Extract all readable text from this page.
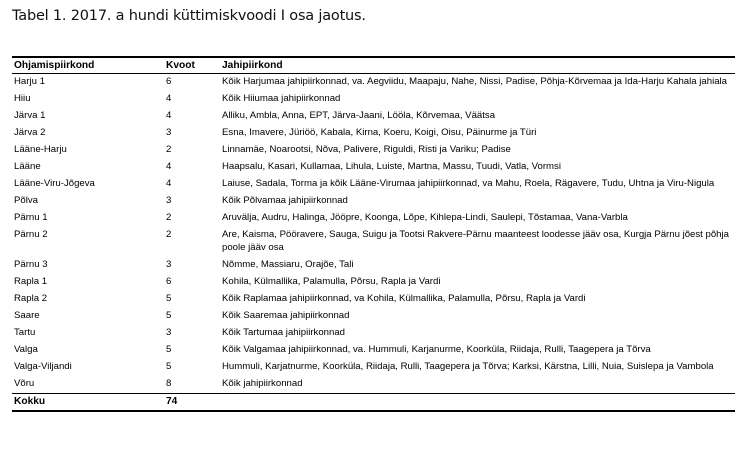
Tabel 1. 2017. a hundi küttimiskvoodi I osa jaotus.
Ohjamispiirkond	Kvoot	Jahipiirkond
Harju 1	6	Kõik Harjumaa jahipiirkonnad, va. Aegviidu, Maapaju, Nahe, Nissi, Padise, Põhja-Kõrvemaa ja Ida-Harju Kahala jahiala
Hiiu	4	Kõik Hiiumaa jahipiirkonnad
Järva 1	4	Alliku, Ambla, Anna, EPT, Järva-Jaani, Lööla, Kõrvemaa, Väätsa
Järva 2	3	Esna, Imavere, Jüriöö, Kabala, Kirna, Koeru, Koigi, Oisu, Päinurme ja Türi
Lääne-Harju	2	Linnamäe, Noarootsi, Nõva, Palivere, Riguldi, Risti ja Variku; Padise
Lääne	4	Haapsalu, Kasari, Kullamaa, Lihula, Luiste, Martna, Massu, Tuudi, Vatla, Vormsi
Lääne-Viru-Jõgeva	4	Laiuse, Sadala, Torma ja kõik Lääne-Virumaa jahipiirkonnad, va Mahu, Roela, Rägavere, Tudu, Uhtna ja Viru-Nigula
Põlva	3	Kõik Põlvamaa jahipiirkonnad
Pärnu 1	2	Aruvälja, Audru, Halinga, Jööpre, Koonga, Lõpe, Kihlepa-Lindi, Saulepi, Tõstamaa, Vana-Varbla
Pärnu 2	2	Are, Kaisma, Pööravere, Sauga, Suigu ja Tootsi Rakvere-Pärnu maanteest loodesse jääv osa, Kurgja Pärnu jõest põhja poole jääv osa
Pärnu 3	3	Nõmme, Massiaru, Orajõe, Tali
Rapla 1	6	Kohila, Külmallika, Palamulla, Põrsu, Rapla ja Vardi
Rapla 2	5	Kõik Raplamaa jahipiirkonnad, va Kohila, Külmallika, Palamulla, Põrsu, Rapla ja Vardi
Saare	5	Kõik Saaremaa jahipiirkonnad
Tartu	3	Kõik Tartumaa jahipiirkonnad
Valga	5	Kõik Valgamaa jahipiirkonnad, va. Hummuli, Karjanurme, Koorküla, Riidaja, Rulli, Taagepera ja Tõrva
Valga-Viljandi	5	Hummuli, Karjatnurme, Koorküla, Riidaja, Rulli, Taagepera ja Tõrva; Karksi, Kärstna, Lilli, Nuia, Suislepa ja Vambola
Võru	8	Kõik jahipiirkonnad
Kokku	74	
